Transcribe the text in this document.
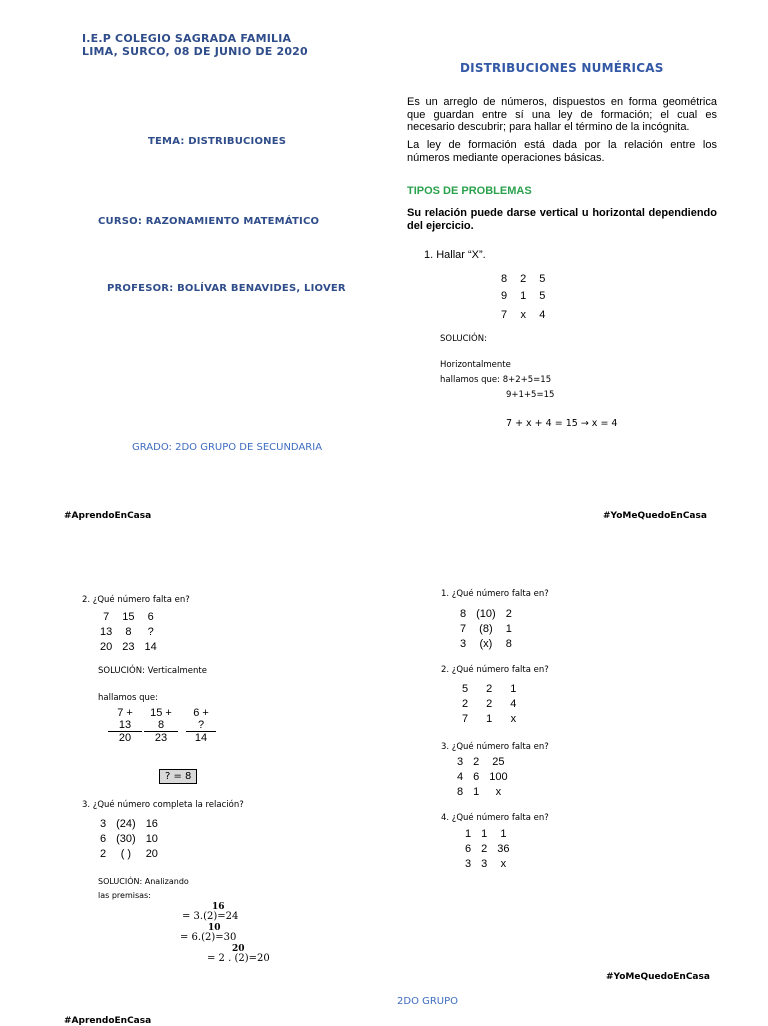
I.E.P COLEGIO SAGRADA FAMILIA
LIMA, SURCO, 08 DE JUNIO DE 2020
TEMA: DISTRIBUCIONES
CURSO: RAZONAMIENTO MATEMÁTICO
PROFESOR: BOLÍVAR BENAVIDES, LIOVER
GRADO: 2DO GRUPO DE SECUNDARIA
DISTRIBUCIONES NUMÉRICAS
Es un arreglo de números, dispuestos en forma geométrica que guardan entre sí una ley de formación; el cual es necesario descubrir; para hallar el término de la incógnita.
La ley de formación está dada por la relación entre los números mediante operaciones básicas.
TIPOS DE PROBLEMAS
Su relación puede darse vertical u horizontal dependiendo del ejercicio.
1. Hallar “X”.
8	2	5
9	1	5
7	x	4
SOLUCIÓN:
Horizontalmente
hallamos que: 8+2+5=15
9+1+5=15
7 + x + 4 = 15 → x = 4
#AprendoEnCasa	#YoMeQuedoEnCasa
2. ¿Qué número falta en?
7	15	6
13	8	?
20	23	14
SOLUCIÓN: Verticalmente
hallamos que:
7 +
13
20
15 +
8
23
6 +
?
14
? = 8
3. ¿Qué número completa la relación?
3	(24)	16
6	(30)	10
2	( )	20
SOLUCIÓN: Analizando
las premisas:
16
= 3.(2)=24
10
= 6.(2)=30
20
= 2 . (2)=20
1. ¿Qué número falta en?
8	(10)	2
7	(8)	1
3	(x)	8
2. ¿Qué número falta en?
5	2	1
2	2	4
7	1	x
3. ¿Qué número falta en?
3	2	25
4	6	100
8	1	x
4. ¿Qué número falta en?
1	1	1
6	2	36
3	3	x
#YoMeQuedoEnCasa
2DO GRUPO
#AprendoEnCasa
